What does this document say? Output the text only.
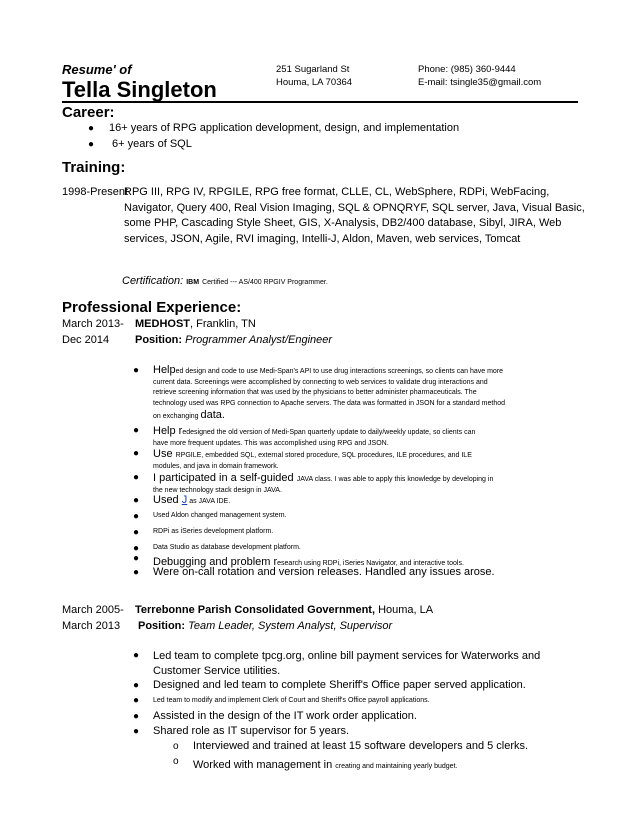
Resume' of
Tella Singleton
251 Sugarland St
Houma, LA 70364
Phone: (985) 360-9444
E-mail: tsingle35@gmail.com
Career:
● 16+ years of RPG application development, design, and implementation
● 6+ years of SQL
Training:
1998-Present
RPG III, RPG IV, RPGILE, RPG free format, CLLE, CL, WebSphere, RDPi, WebFacing, Navigator, Query 400, Real Vision Imaging, SQL & OPNQRYF, SQL server, Java, Visual Basic, some PHP, Cascading Style Sheet, GIS, X-Analysis, DB2/400 database, Sibyl, JIRA, Web services, JSON, Agile, RVI imaging, Intelli-J, Aldon, Maven, web services, Tomcat
Certification: IBM Certified --- AS/400 RPGIV Programmer.
Professional Experience:
March 2013-
Dec 2014
MEDHOST, Franklin, TN
Position: Programmer Analyst/Engineer
● Helped design and code to use Medi-Span's API to use drug interactions screenings, so clients can have more
current data. Screenings were accomplished by connecting to web services to validate drug interactions and
retrieve screening information that was used by the physicians to better administer pharmaceuticals. The
technology used was RPG connection to Apache servers. The data was formatted in JSON for a standard method
on exchanging data.
● Help redesigned the old version of Medi-Span quarterly update to daily/weekly update, so clients can
have more frequent updates. This was accomplished using RPG and JSON.
● Use RPGILE, embedded SQL, external stored procedure, SQL procedures, ILE procedures, and ILE
modules, and java in domain framework.
● I participated in a self-guided JAVA class. I was able to apply this knowledge by developing in
the new technology stack design in JAVA.
● Used J as JAVA IDE.
● Used Aldon changed management system.
● RDPi as iSeries development platform.
● Data Studio as database development platform.
● Debugging and problem research using RDPi, iSeries Navigator, and interactive tools.
● Were on-call rotation and version releases. Handled any issues arose.
March 2005-
March 2013
Terrebonne Parish Consolidated Government, Houma, LA
Position: Team Leader, System Analyst, Supervisor
● Led team to complete tpcg.org, online bill payment services for Waterworks and
Customer Service utilities.
● Designed and led team to complete Sheriff's Office paper served application.
● Led team to modify and implement Clerk of Court and Sheriff's Office payroll applications.
● Assisted in the design of the IT work order application.
● Shared role as IT supervisor for 5 years.
o Interviewed and trained at least 15 software developers and 5 clerks.
o Worked with management in creating and maintaining yearly budget.
